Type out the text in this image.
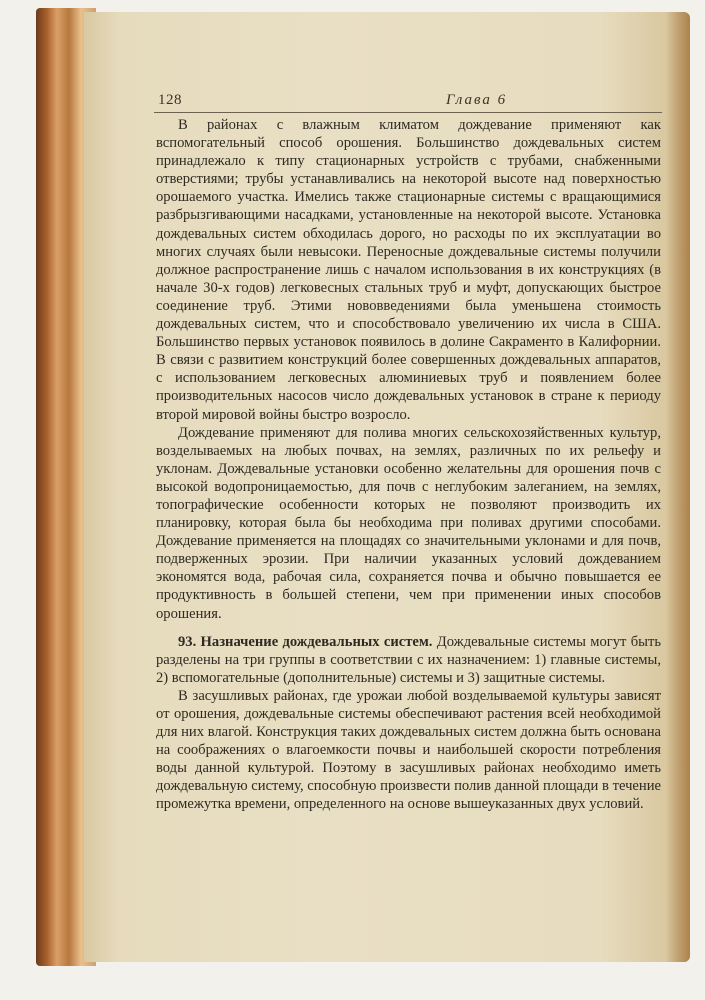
128	Глава 6

В районах с влажным климатом дождевание применяют как вспомогательный способ орошения. Большинство дождевальных систем принадлежало к типу стационарных устройств с трубами, снабженными отверстиями; трубы устанавливались на некоторой высоте над поверхностью орошаемого участка. Имелись также стационарные системы с вращающимися разбрызгивающими насадками, установленные на некоторой высоте. Установка дождевальных систем обходилась дорого, но расходы по их эксплуатации во многих случаях были невысоки. Переносные дождевальные системы получили должное распространение лишь с началом использования в их конструкциях (в начале 30-х годов) легковесных стальных труб и муфт, допускающих быстрое соединение труб. Этими нововведениями была уменьшена стоимость дождевальных систем, что и способствовало увеличению их числа в США. Большинство первых установок появилось в долине Сакраменто в Калифорнии. В связи с развитием конструкций более совершенных дождевальных аппаратов, с использованием легковесных алюминиевых труб и появлением более производительных насосов число дождевальных установок в стране к периоду второй мировой войны быстро возросло.

Дождевание применяют для полива многих сельскохозяйственных культур, возделываемых на любых почвах, на землях, различных по их рельефу и уклонам. Дождевальные установки особенно желательны для орошения почв с высокой водопроницаемостью, для почв с неглубоким залеганием, на землях, топографические особенности которых не позволяют производить их планировку, которая была бы необходима при поливах другими способами. Дождевание применяется на площадях со значительными уклонами и для почв, подверженных эрозии. При наличии указанных условий дождеванием экономятся вода, рабочая сила, сохраняется почва и обычно повышается ее продуктивность в большей степени, чем при применении иных способов орошения.

93. Назначение дождевальных систем. Дождевальные системы могут быть разделены на три группы в соответствии с их назначением: 1) главные системы, 2) вспомогательные (дополнительные) системы и 3) защитные системы.

В засушливых районах, где урожаи любой возделываемой культуры зависят от орошения, дождевальные системы обеспечивают растения всей необходимой для них влагой. Конструкция таких дождевальных систем должна быть основана на соображениях о влагоемкости почвы и наибольшей скорости потребления воды данной культурой. Поэтому в засушливых районах необходимо иметь дождевальную систему, способную произвести полив данной площади в течение промежутка времени, определенного на основе вышеуказанных двух условий.
